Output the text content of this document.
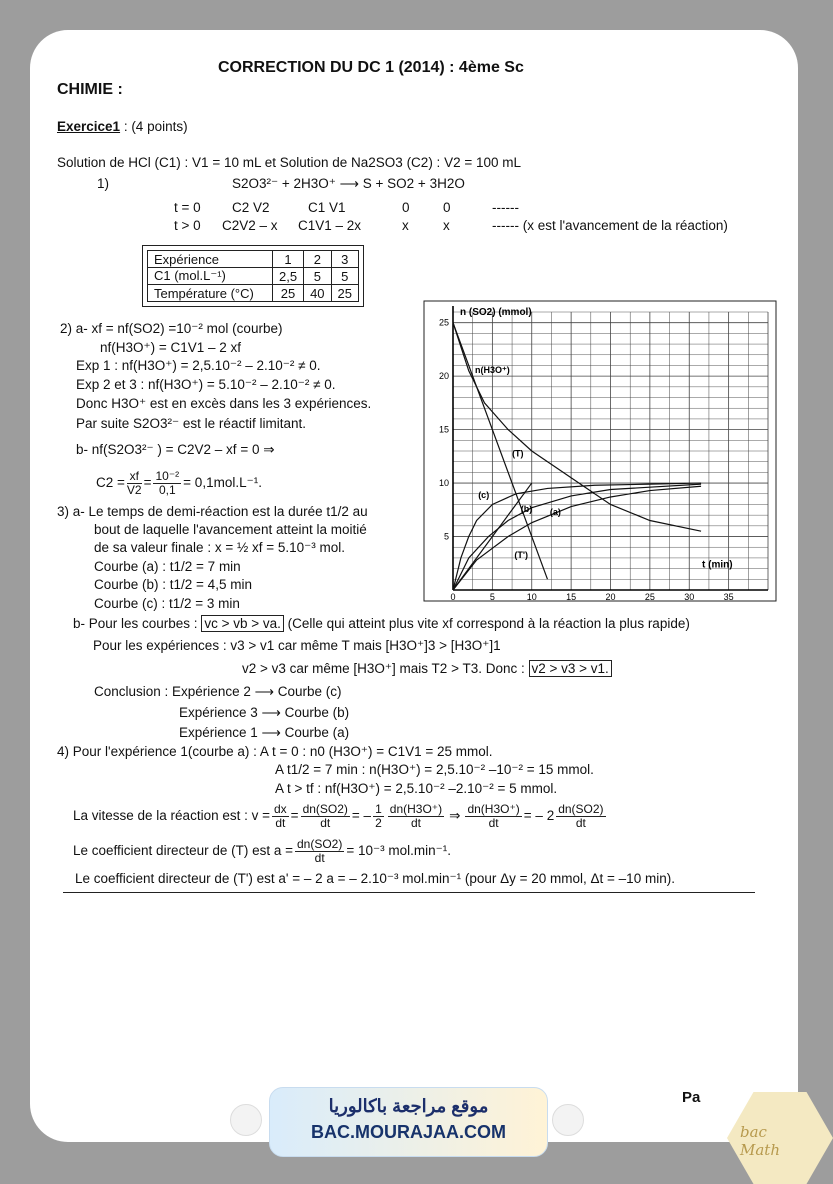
CORRECTION DU DC 1 (2014) : 4ème Sc
CHIMIE :
Exercice1 : (4 points)
Solution de HCl (C1) : V1 = 10 mL et Solution de Na2SO3 (C2) : V2 = 100 mL
1)	S2O3²⁻ + 2H3O⁺ ⟶ S + SO2 + 3H2O
t = 0 C2 V2	C1 V1	0 0	------
t > 0 C2V2 – x C1V1 – 2x	x	x	------ (x est l'avancement de la réaction)
Expérience	1	2	3
C1 (mol.L⁻¹)	2,5	5	5
Température (°C)	25	40	25
2) a- xf = nf(SO2) =10⁻² mol (courbe)
nf(H3O⁺) = C1V1 – 2 xf
Exp 1 : nf(H3O⁺) = 2,5.10⁻² – 2.10⁻² ≠ 0.
Exp 2 et 3 : nf(H3O⁺) = 5.10⁻² – 2.10⁻² ≠ 0.
Donc H3O⁺ est en excès dans les 3 expériences.
Par suite S2O3²⁻ est le réactif limitant.
b- nf(S2O3²⁻ ) = C2V2 – xf = 0 ⇒
$C2 = \frac{xf}{V2} = \frac{\text{10⁻²}}{0,1} = 0,1mol.L^{-1}$.
3) a- Le temps de demi-réaction est la durée t1/2 au
bout de laquelle l'avancement atteint la moitié
de sa valeur finale : x = ½ xf = 5.10⁻³ mol.
Courbe (a) : t1/2 = 7 min
Courbe (b) : t1/2 = 4,5 min
Courbe (c) : t1/2 = 3 min
b- Pour les courbes : vc > vb > va. (Celle qui atteint plus vite xf correspond à la réaction la plus rapide)
Pour les expériences : v3 > v1 car même T mais [H3O⁺]3 > [H3O⁺]1
v2 > v3 car même [H3O⁺] mais T2 > T3. Donc : v2 > v3 > v1.
Conclusion : Expérience 2 ⟶ Courbe (c)
Expérience 3 ⟶ Courbe (b)
Expérience 1 ⟶ Courbe (a)
4) Pour l'expérience 1(courbe a) : A t = 0 : n0 (H3O⁺) = C1V1 = 25 mmol.
A t1/2 = 7 min : n(H3O⁺) = 2,5.10⁻² –10⁻² = 15 mmol.
A t > tf : nf(H3O⁺) = 2,5.10⁻² –2.10⁻² = 5 mmol.
La vitesse de la réaction est : $v = \frac{dx}{dt} = \frac{dn(SO2)}{dt}$ = – $\frac{1}{2} \frac{dn(H3O^+)}{dt}$ ⇒ $\frac{dn(H3O^+)}{dt}$ = – $2 \frac{dn(SO2)}{dt}$
Le coefficient directeur de (T) est $a = \frac{dn(SO2)}{dt} = 10^{-3}$ mol.min⁻¹.
Le coefficient directeur de (T') est a' = – 2 a = – 2.10⁻³ mol.min⁻¹ (pour Δy = 20 mmol, Δt = –10 min).
0	5	10	15	20	25	30	35
5
10
15
20
25
n (SO2) (mmol)
t (min)
(T)
(c)
(b) (a)
(T')
n(H3O⁺)
موقع مراجعة باكالوريا
BAC.MOURAJAA.COM
Pa
bac Math
